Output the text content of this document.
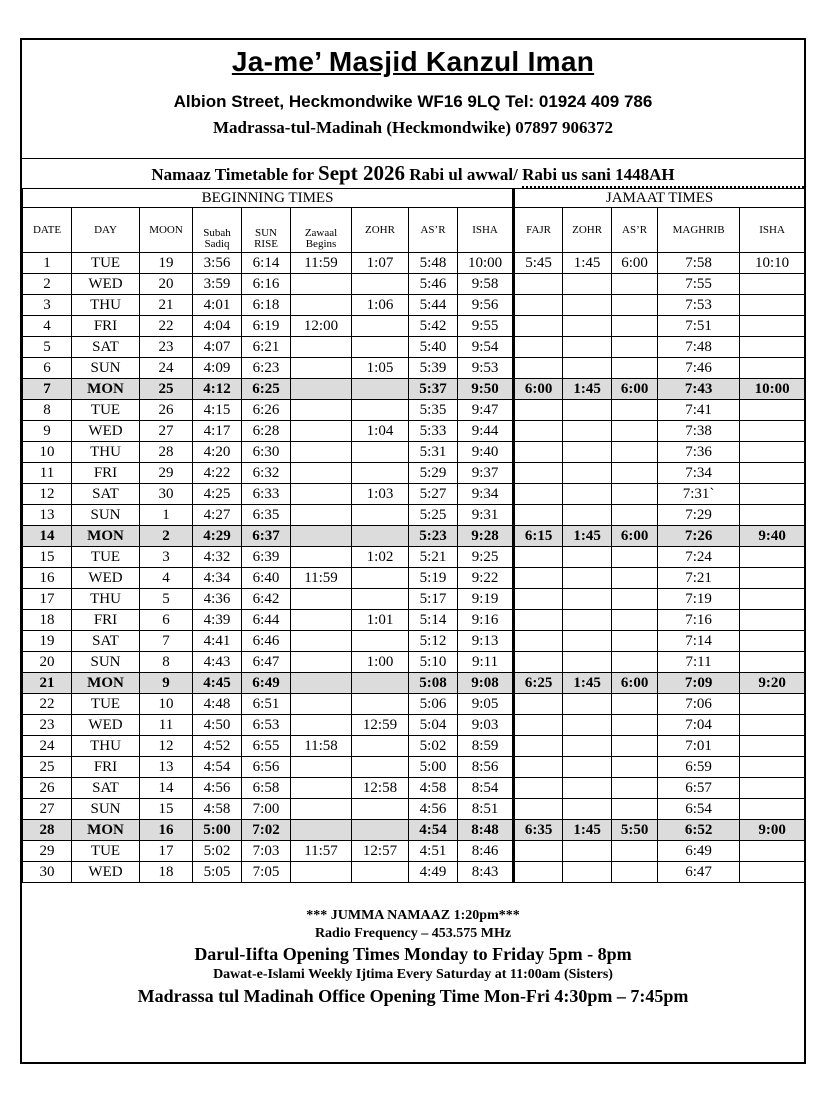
Ja-me’ Masjid Kanzul Iman
Albion Street, Heckmondwike WF16 9LQ Tel: 01924 409 786
Madrassa-tul-Madinah (Heckmondwike) 07897 906372
Namaaz Timetable for Sept 2026 Rabi ul awwal/ Rabi us sani 1448AH
BEGINNING TIMES									JAMAAT TIMES				
DATE	DAY	MOON	Subah Sadiq	SUN RISE	Zawaal Begins	ZOHR	AS’R	ISHA	FAJR	ZOHR	AS’R	MAGHRIB	ISHA
1	TUE	19	3:56	6:14	11:59	1:07	5:48	10:00	5:45	1:45	6:00	7:58	10:10
2	WED	20	3:59	6:16			5:46	9:58				7:55	
3	THU	21	4:01	6:18		1:06	5:44	9:56				7:53	
4	FRI	22	4:04	6:19	12:00		5:42	9:55				7:51	
5	SAT	23	4:07	6:21			5:40	9:54				7:48	
6	SUN	24	4:09	6:23		1:05	5:39	9:53				7:46	
7	MON	25	4:12	6:25			5:37	9:50	6:00	1:45	6:00	7:43	10:00
8	TUE	26	4:15	6:26			5:35	9:47				7:41	
9	WED	27	4:17	6:28		1:04	5:33	9:44				7:38	
10	THU	28	4:20	6:30			5:31	9:40				7:36	
11	FRI	29	4:22	6:32			5:29	9:37				7:34	
12	SAT	30	4:25	6:33		1:03	5:27	9:34				7:31`	
13	SUN	1	4:27	6:35			5:25	9:31				7:29	
14	MON	2	4:29	6:37			5:23	9:28	6:15	1:45	6:00	7:26	9:40
15	TUE	3	4:32	6:39		1:02	5:21	9:25				7:24	
16	WED	4	4:34	6:40	11:59		5:19	9:22				7:21	
17	THU	5	4:36	6:42			5:17	9:19				7:19	
18	FRI	6	4:39	6:44		1:01	5:14	9:16				7:16	
19	SAT	7	4:41	6:46			5:12	9:13				7:14	
20	SUN	8	4:43	6:47		1:00	5:10	9:11				7:11	
21	MON	9	4:45	6:49			5:08	9:08	6:25	1:45	6:00	7:09	9:20
22	TUE	10	4:48	6:51			5:06	9:05				7:06	
23	WED	11	4:50	6:53		12:59	5:04	9:03				7:04	
24	THU	12	4:52	6:55	11:58		5:02	8:59				7:01	
25	FRI	13	4:54	6:56			5:00	8:56				6:59	
26	SAT	14	4:56	6:58		12:58	4:58	8:54				6:57	
27	SUN	15	4:58	7:00			4:56	8:51				6:54	
28	MON	16	5:00	7:02			4:54	8:48	6:35	1:45	5:50	6:52	9:00
29	TUE	17	5:02	7:03	11:57	12:57	4:51	8:46				6:49	
30	WED	18	5:05	7:05			4:49	8:43				6:47	
*** JUMMA NAMAAZ 1:20pm***
Radio Frequency – 453.575 MHz
Darul-Iifta Opening Times Monday to Friday 5pm - 8pm
Dawat-e-Islami Weekly Ijtima Every Saturday at 11:00am (Sisters)
Madrassa tul Madinah Office Opening Time Mon-Fri 4:30pm – 7:45pm
